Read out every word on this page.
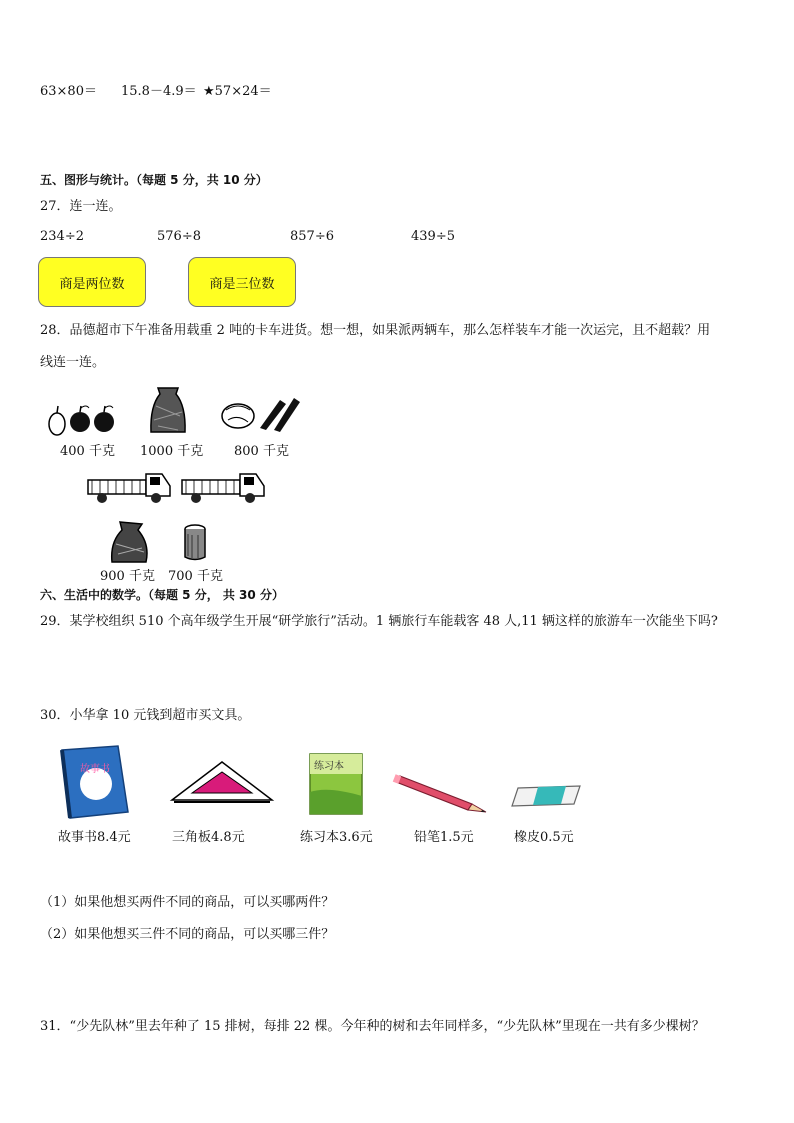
63×80＝ 15.8－4.9＝ ★57×24＝
五、图形与统计。（每题 5 分，共 10 分）
27．连一连。
234÷2	576÷8	857÷6	439÷5
商是两位数	商是三位数
28．品德超市下午准备用载重 2 吨的卡车进货。想一想，如果派两辆车，那么怎样装车才能一次运完，且不超载？用
线连一连。
400 千克 1000 千克 800 千克
900 千克 700 千克
六、生活中的数学。（每题 5 分， 共 30 分）
29．某学校组织 510 个高年级学生开展“研学旅行”活动。1 辆旅行车能载客 48 人,11 辆这样的旅游车一次能坐下吗?
30．小华拿 10 元钱到超市买文具。
故事书
故事书8.4元	三角板4.8元
练习本
练习本3.6元	铅笔1.5元	橡皮0.5元
（1）如果他想买两件不同的商品，可以买哪两件？
（2）如果他想买三件不同的商品，可以买哪三件？
31．“少先队林”里去年种了 15 排树，每排 22 棵。今年种的树和去年同样多，“少先队林”里现在一共有多少棵树？
